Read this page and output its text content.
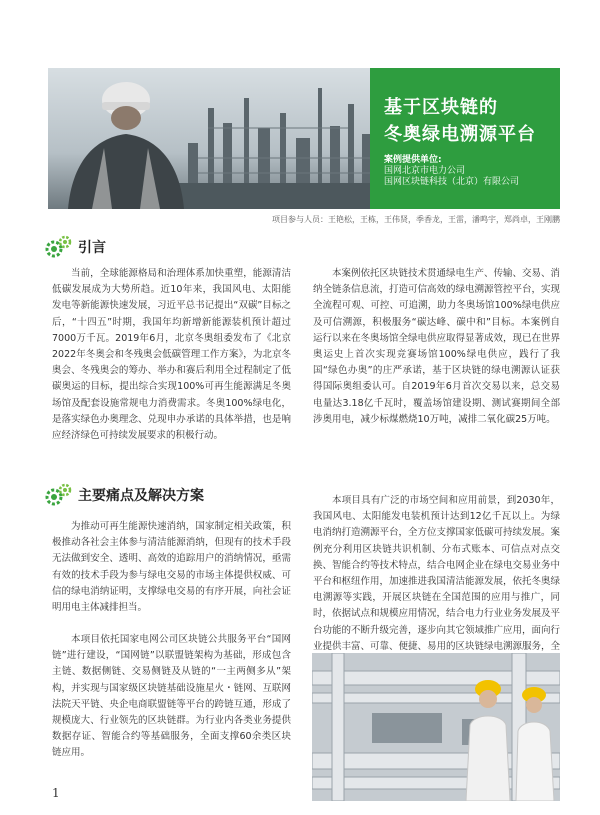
基于区块链的
冬奥绿电溯源平台
案例提供单位:
国网北京市电力公司
国网区块链科技（北京）有限公司
项目参与人员：王艳松，王栋，王伟贤，季香龙，王雷，潘鸣宇，郑尚卓，王刚鹏
引言
当前，全球能源格局和治理体系加快重塑，能源清洁低碳发展成为大势所趋。近10年来，我国风电、太阳能发电等新能源快速发展，习近平总书记提出“双碳”目标之后，“十四五”时期，我国年均新增新能源装机预计超过7000万千瓦。2019年6月，北京冬奥组委发布了《北京2022年冬奥会和冬残奥会低碳管理工作方案》，为北京冬奥会、冬残奥会的筹办、举办和赛后利用全过程制定了低碳奥运的目标，提出综合实现100%可再生能源满足冬奥场馆及配套设施常规电力消费需求。冬奥100%绿电化，是落实绿色办奥理念、兑现申办承诺的具体举措，也是响应经济绿色可持续发展要求的积极行动。
本案例依托区块链技术贯通绿电生产、传输、交易、消纳全链条信息流，打造可信高效的绿电溯源管控平台，实现全流程可观、可控、可追溯，助力冬奥场馆100%绿电供应及可信溯源，积极服务“碳达峰、碳中和”目标。本案例自运行以来在冬奥场馆全绿电供应取得显著成效，现已在世界奥运史上首次实现竞赛场馆100%绿电供应，践行了我国“绿色办奥”的庄严承诺，基于区块链的绿电溯源认证获得国际奥组委认可。自2019年6月首次交易以来，总交易电量达3.18亿千瓦时，覆盖场馆建设期、测试赛期间全部涉奥用电，减少标煤燃烧10万吨，减排二氧化碳25万吨。
主要痛点及解决方案
为推动可再生能源快速消纳，国家制定相关政策，积极推动各社会主体参与清洁能源消纳，但现有的技术手段无法做到安全、透明、高效的追踪用户的消纳情况，亟需有效的技术手段为参与绿电交易的市场主体提供权威、可信的绿电消纳证明，支撑绿电交易的有序开展，向社会证明用电主体减排担当。
本项目依托国家电网公司区块链公共服务平台“国网链”进行建设，“国网链”以联盟链架构为基础，形成包含主链、数据侧链、交易侧链及从链的“一主两侧多从”架构，并实现与国家级区块链基础设施星火・链网、互联网法院天平链、央企电商联盟链等平台的跨链互通，形成了规模庞大、行业领先的区块链群。为行业内各类业务提供数据存证、智能合约等基础服务，全面支撑60余类区块链应用。
本项目具有广泛的市场空间和应用前景，到2030年，我国风电、太阳能发电装机预计达到12亿千瓦以上。为绿电消纳打造溯源平台，全方位支撑国家低碳可持续发展。案例充分利用区块链共识机制、分布式账本、可信点对点交换、智能合约等技术特点，结合电网企业在绿电交易业务中平台和枢纽作用，加速推进我国清洁能源发展，依托冬奥绿电溯源等实践，开展区块链在全国范围的应用与推广，同时，依据试点和规模应用情况，结合电力行业业务发展及平台功能的不断升级完善，逐步向其它领域推广应用，面向行业提供丰富、可靠、便捷、易用的区块链绿电溯源服务，全
1
